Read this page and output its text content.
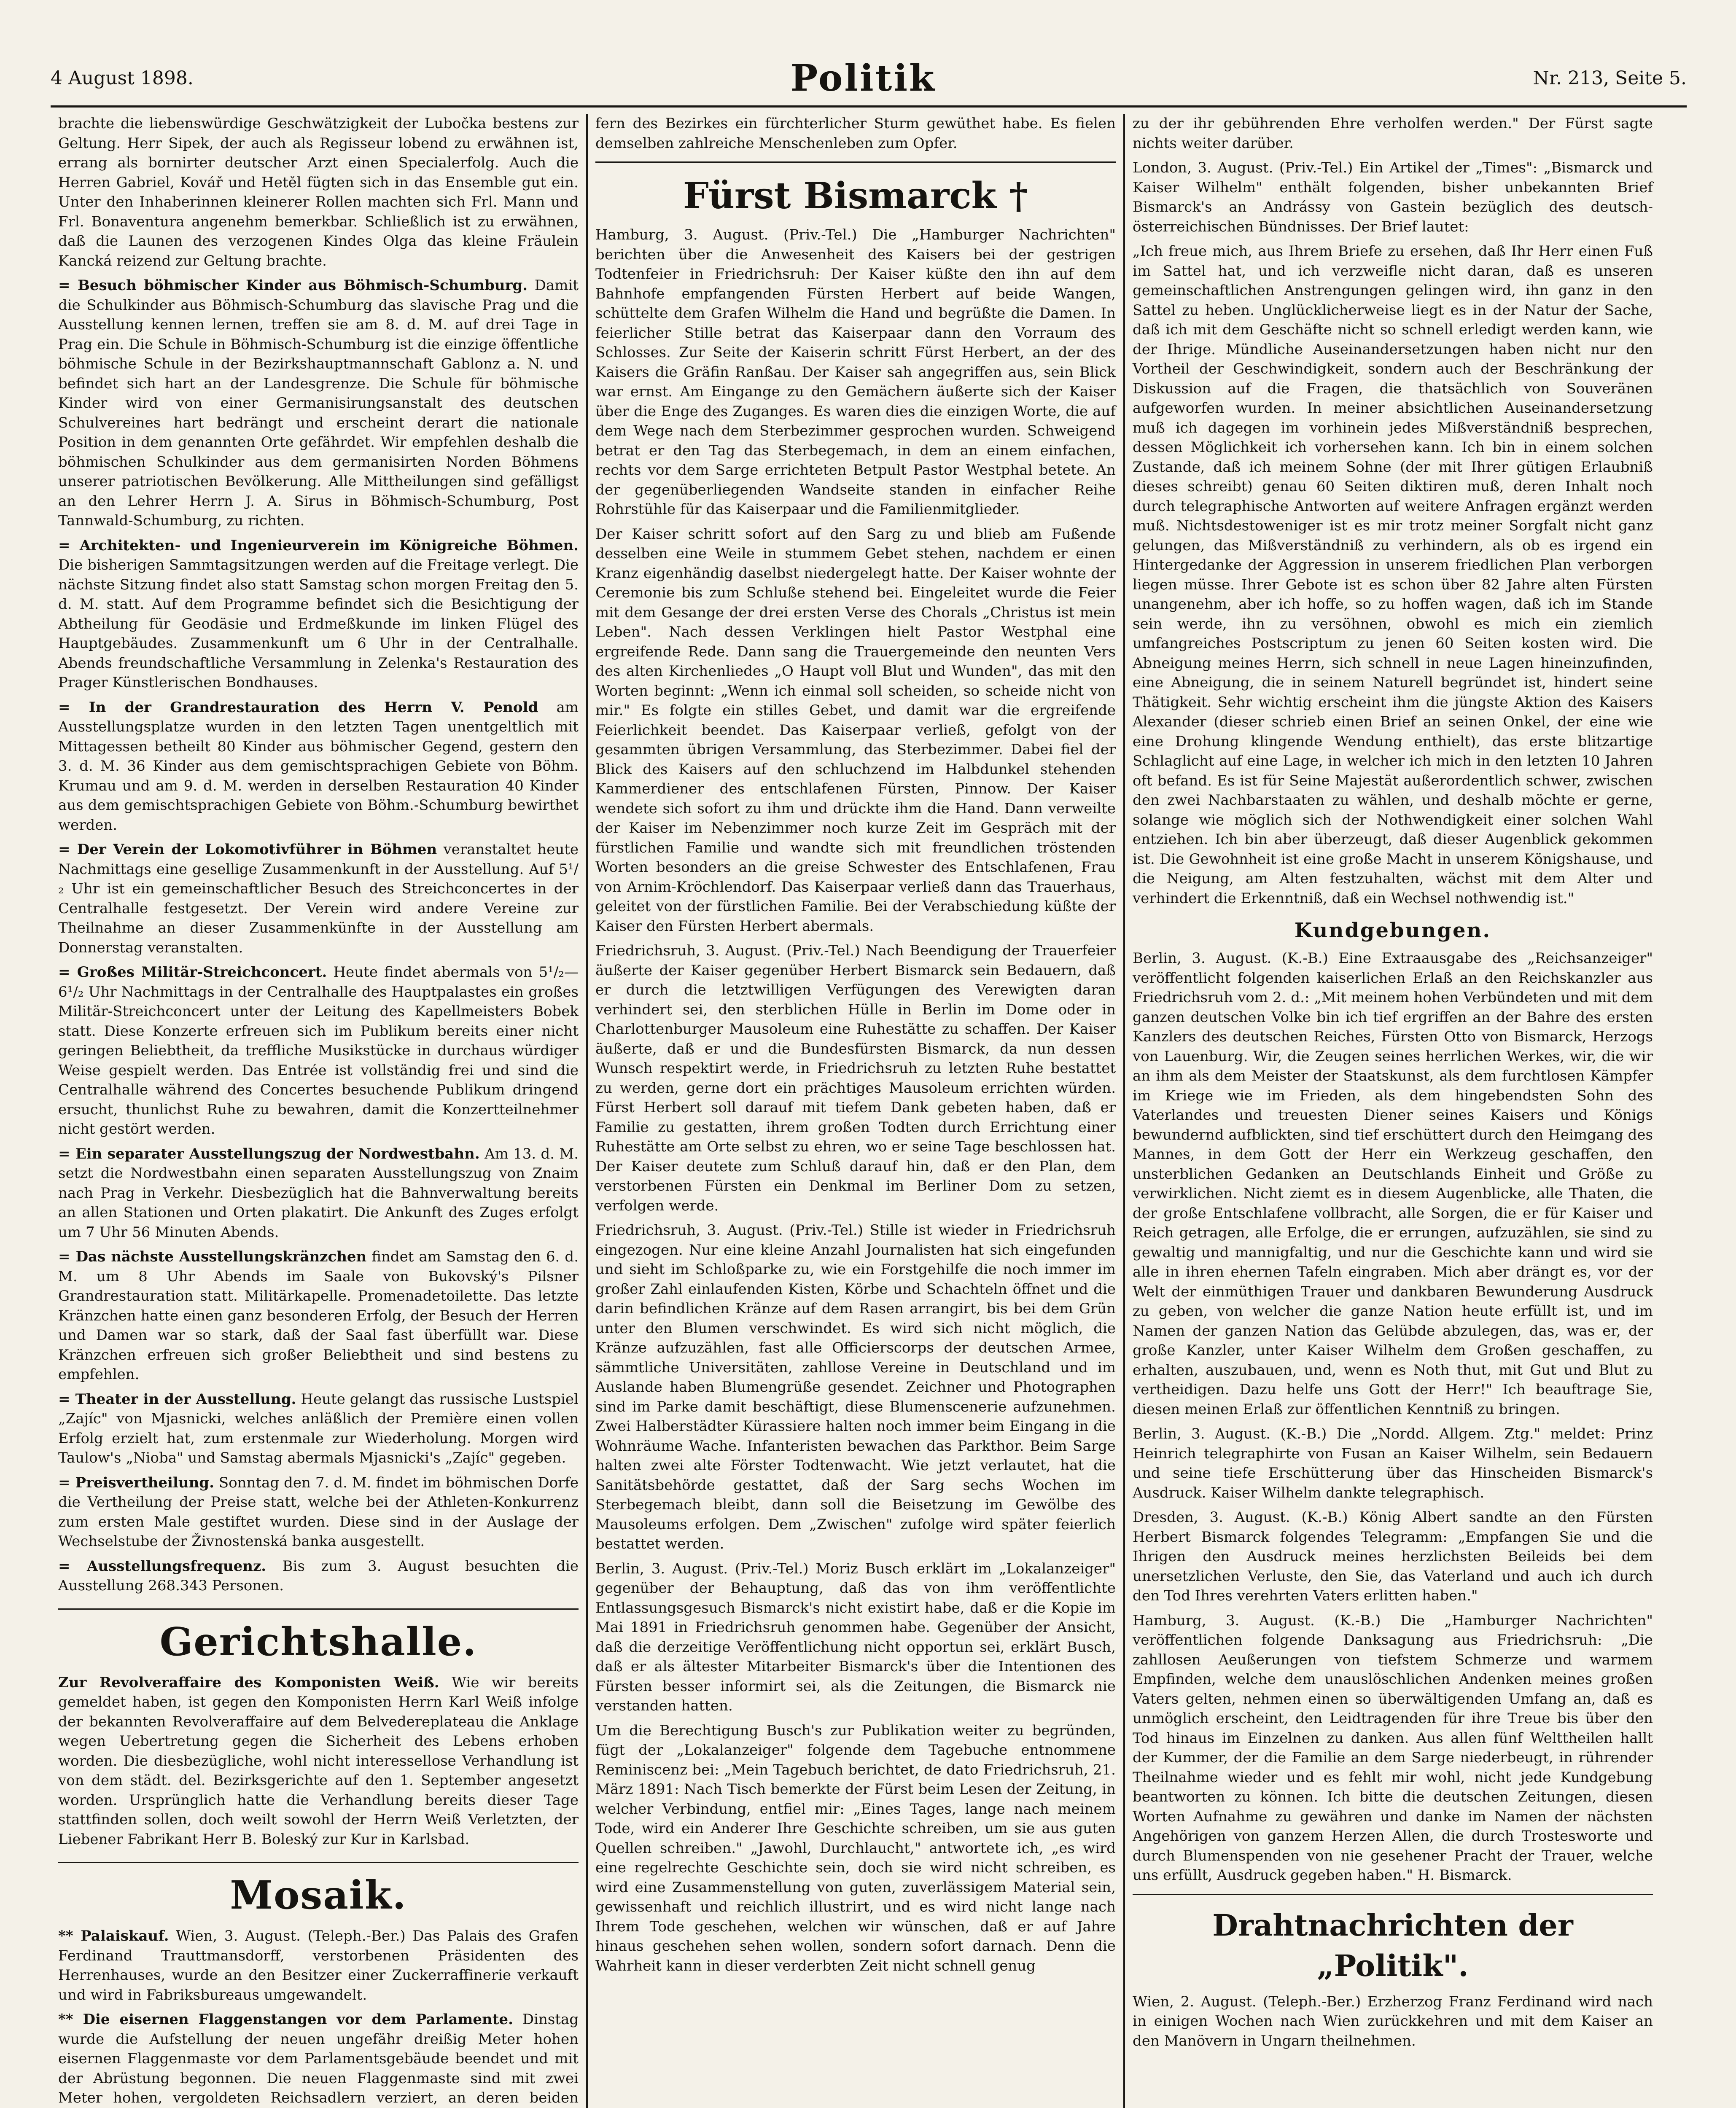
4 August 1898.	Politik	Nr. 213, Seite 5.

brachte die liebenswürdige Geschwätzigkeit der Lubočka bestens zur Geltung. Herr Sipek, der auch als Regisseur lobend zu erwähnen ist, errang als bornirter deutscher Arzt einen Specialerfolg. Auch die Herren Gabriel, Kovář und Hetěl fügten sich in das Ensemble gut ein. Unter den Inhaberinnen kleinerer Rollen machten sich Frl. Mann und Frl. Bonaventura angenehm bemerkbar. Schließlich ist zu erwähnen, daß die Launen des verzogenen Kindes Olga das kleine Fräulein Kancká reizend zur Geltung brachte.

= Besuch böhmischer Kinder aus Böhmisch-Schumburg. Damit die Schulkinder aus Böhmisch-Schumburg das slavische Prag und die Ausstellung kennen lernen, treffen sie am 8. d. M. auf drei Tage in Prag ein. Die Schule in Böhmisch-Schumburg ist die einzige öffentliche böhmische Schule in der Bezirkshauptmannschaft Gablonz a. N. und befindet sich hart an der Landesgrenze. Die Schule für böhmische Kinder wird von einer Germanisirungsanstalt des deutschen Schulvereines hart bedrängt und erscheint derart die nationale Position in dem genannten Orte gefährdet. Wir empfehlen deshalb die böhmischen Schulkinder aus dem germanisirten Norden Böhmens unserer patriotischen Bevölkerung. Alle Mittheilungen sind gefälligst an den Lehrer Herrn J. A. Sirus in Böhmisch-Schumburg, Post Tannwald-Schumburg, zu richten.

= Architekten- und Ingenieurverein im Königreiche Böhmen. Die bisherigen Sammtagsitzungen werden auf die Freitage verlegt. Die nächste Sitzung findet also statt Samstag schon morgen Freitag den 5. d. M. statt. Auf dem Programme befindet sich die Besichtigung der Abtheilung für Geodäsie und Erdmeßkunde im linken Flügel des Hauptgebäudes. Zusammenkunft um 6 Uhr in der Centralhalle. Abends freundschaftliche Versammlung in Zelenka's Restauration des Prager Künstlerischen Bondhauses.

= In der Grandrestauration des Herrn V. Penold am Ausstellungsplatze wurden in den letzten Tagen unentgeltlich mit Mittagessen betheilt 80 Kinder aus böhmischer Gegend, gestern den 3. d. M. 36 Kinder aus dem gemischtsprachigen Gebiete von Böhm. Krumau und am 9. d. M. werden in derselben Restauration 40 Kinder aus dem gemischtsprachigen Gebiete von Böhm.-Schumburg bewirthet werden.

= Der Verein der Lokomotivführer in Böhmen veranstaltet heute Nachmittags eine gesellige Zusammenkunft in der Ausstellung. Auf 5¹/₂ Uhr ist ein gemeinschaftlicher Besuch des Streichconcertes in der Centralhalle festgesetzt. Der Verein wird andere Vereine zur Theilnahme an dieser Zusammenkünfte in der Ausstellung am Donnerstag veranstalten.

= Großes Militär-Streichconcert. Heute findet abermals von 5¹/₂—6¹/₂ Uhr Nachmittags in der Centralhalle des Hauptpalastes ein großes Militär-Streichconcert unter der Leitung des Kapellmeisters Bobek statt. Diese Konzerte erfreuen sich im Publikum bereits einer nicht geringen Beliebtheit, da treffliche Musikstücke in durchaus würdiger Weise gespielt werden. Das Entrée ist vollständig frei und sind die Centralhalle während des Concertes besuchende Publikum dringend ersucht, thunlichst Ruhe zu bewahren, damit die Konzertteilnehmer nicht gestört werden.

= Ein separater Ausstellungszug der Nordwestbahn. Am 13. d. M. setzt die Nordwestbahn einen separaten Ausstellungszug von Znaim nach Prag in Verkehr. Diesbezüglich hat die Bahnverwaltung bereits an allen Stationen und Orten plakatirt. Die Ankunft des Zuges erfolgt um 7 Uhr 56 Minuten Abends.

= Das nächste Ausstellungskränzchen findet am Samstag den 6. d. M. um 8 Uhr Abends im Saale von Bukovský's Pilsner Grandrestauration statt. Militärkapelle. Promenadetoilette. Das letzte Kränzchen hatte einen ganz besonderen Erfolg, der Besuch der Herren und Damen war so stark, daß der Saal fast überfüllt war. Diese Kränzchen erfreuen sich großer Beliebtheit und sind bestens zu empfehlen.

= Theater in der Ausstellung. Heute gelangt das russische Lustspiel „Zajíc" von Mjasnicki, welches anläßlich der Première einen vollen Erfolg erzielt hat, zum erstenmale zur Wiederholung. Morgen wird Taulow's „Nioba" und Samstag abermals Mjasnicki's „Zajíc" gegeben.

= Preisvertheilung. Sonntag den 7. d. M. findet im böhmischen Dorfe die Vertheilung der Preise statt, welche bei der Athleten-Konkurrenz zum ersten Male gestiftet wurden. Diese sind in der Auslage der Wechselstube der Živnostenská banka ausgestellt.

= Ausstellungsfrequenz. Bis zum 3. August besuchten die Ausstellung 268.343 Personen.

Gerichtshalle.

Zur Revolveraffaire des Komponisten Weiß. Wie wir bereits gemeldet haben, ist gegen den Komponisten Herrn Karl Weiß infolge der bekannten Revolveraffaire auf dem Belvedereplateau die Anklage wegen Uebertretung gegen die Sicherheit des Lebens erhoben worden. Die diesbezügliche, wohl nicht interessellose Verhandlung ist von dem städt. del. Bezirksgerichte auf den 1. September angesetzt worden. Ursprünglich hatte die Verhandlung bereits dieser Tage stattfinden sollen, doch weilt sowohl der Herrn Weiß Verletzten, der Liebener Fabrikant Herr B. Boleský zur Kur in Karlsbad.

Mosaik.

** Palaiskauf. Wien, 3. August. (Teleph.-Ber.) Das Palais des Grafen Ferdinand Trauttmansdorff, verstorbenen Präsidenten des Herrenhauses, wurde an den Besitzer einer Zuckerraffinerie verkauft und wird in Fabriksbureaus umgewandelt.

** Die eisernen Flaggenstangen vor dem Parlamente. Dinstag wurde die Aufstellung der neuen ungefähr dreißig Meter hohen eisernen Flaggenmaste vor dem Parlamentsgebäude beendet und mit der Abrüstung begonnen. Die neuen Flaggenmaste sind mit zwei Meter hohen, vergoldeten Reichsadlern verziert, an deren beiden

fern des Bezirkes ein fürchterlicher Sturm gewüthet habe. Es fielen demselben zahlreiche Menschenleben zum Opfer.

Fürst Bismarck †

Hamburg, 3. August. (Priv.-Tel.) Die „Hamburger Nachrichten" berichten über die Anwesenheit des Kaisers bei der gestrigen Todtenfeier in Friedrichsruh: Der Kaiser küßte den ihn auf dem Bahnhofe empfangenden Fürsten Herbert auf beide Wangen, schüttelte dem Grafen Wilhelm die Hand und begrüßte die Damen. In feierlicher Stille betrat das Kaiserpaar dann den Vorraum des Schlosses. Zur Seite der Kaiserin schritt Fürst Herbert, an der des Kaisers die Gräfin Ranßau. Der Kaiser sah angegriffen aus, sein Blick war ernst. Am Eingange zu den Gemächern äußerte sich der Kaiser über die Enge des Zuganges. Es waren dies die einzigen Worte, die auf dem Wege nach dem Sterbezimmer gesprochen wurden. Schweigend betrat er den Tag das Sterbegemach, in dem an einem einfachen, rechts vor dem Sarge errichteten Betpult Pastor Westphal betete. An der gegenüberliegenden Wandseite standen in einfacher Reihe Rohrstühle für das Kaiserpaar und die Familienmitglieder.

Der Kaiser schritt sofort auf den Sarg zu und blieb am Fußende desselben eine Weile in stummem Gebet stehen, nachdem er einen Kranz eigenhändig daselbst niedergelegt hatte. Der Kaiser wohnte der Ceremonie bis zum Schluße stehend bei. Eingeleitet wurde die Feier mit dem Gesange der drei ersten Verse des Chorals „Christus ist mein Leben". Nach dessen Verklingen hielt Pastor Westphal eine ergreifende Rede. Dann sang die Trauergemeinde den neunten Vers des alten Kirchenliedes „O Haupt voll Blut und Wunden", das mit den Worten beginnt: „Wenn ich einmal soll scheiden, so scheide nicht von mir." Es folgte ein stilles Gebet, und damit war die ergreifende Feierlichkeit beendet. Das Kaiserpaar verließ, gefolgt von der gesammten übrigen Versammlung, das Sterbezimmer. Dabei fiel der Blick des Kaisers auf den schluchzend im Halbdunkel stehenden Kammerdiener des entschlafenen Fürsten, Pinnow. Der Kaiser wendete sich sofort zu ihm und drückte ihm die Hand. Dann verweilte der Kaiser im Nebenzimmer noch kurze Zeit im Gespräch mit der fürstlichen Familie und wandte sich mit freundlichen tröstenden Worten besonders an die greise Schwester des Entschlafenen, Frau von Arnim-Kröchlendorf. Das Kaiserpaar verließ dann das Trauerhaus, geleitet von der fürstlichen Familie. Bei der Verabschiedung küßte der Kaiser den Fürsten Herbert abermals.

Friedrichsruh, 3. August. (Priv.-Tel.) Nach Beendigung der Trauerfeier äußerte der Kaiser gegenüber Herbert Bismarck sein Bedauern, daß er durch die letztwilligen Verfügungen des Verewigten daran verhindert sei, den sterblichen Hülle in Berlin im Dome oder in Charlottenburger Mausoleum eine Ruhestätte zu schaffen. Der Kaiser äußerte, daß er und die Bundesfürsten Bismarck, da nun dessen Wunsch respektirt werde, in Friedrichsruh zu letzten Ruhe bestattet zu werden, gerne dort ein prächtiges Mausoleum errichten würden. Fürst Herbert soll darauf mit tiefem Dank gebeten haben, daß er Familie zu gestatten, ihrem großen Todten durch Errichtung einer Ruhestätte am Orte selbst zu ehren, wo er seine Tage beschlossen hat. Der Kaiser deutete zum Schluß darauf hin, daß er den Plan, dem verstorbenen Fürsten ein Denkmal im Berliner Dom zu setzen, verfolgen werde.

Friedrichsruh, 3. August. (Priv.-Tel.) Stille ist wieder in Friedrichsruh eingezogen. Nur eine kleine Anzahl Journalisten hat sich eingefunden und sieht im Schloßparke zu, wie ein Forstgehilfe die noch immer im großer Zahl einlaufenden Kisten, Körbe und Schachteln öffnet und die darin befindlichen Kränze auf dem Rasen arrangirt, bis bei dem Grün unter den Blumen verschwindet. Es wird sich nicht möglich, die Kränze aufzuzählen, fast alle Officierscorps der deutschen Armee, sämmtliche Universitäten, zahllose Vereine in Deutschland und im Auslande haben Blumengrüße gesendet. Zeichner und Photographen sind im Parke damit beschäftigt, diese Blumenscenerie aufzunehmen. Zwei Halberstädter Kürassiere halten noch immer beim Eingang in die Wohnräume Wache. Infanteristen bewachen das Parkthor. Beim Sarge halten zwei alte Förster Todtenwacht. Wie jetzt verlautet, hat die Sanitätsbehörde gestattet, daß der Sarg sechs Wochen im Sterbegemach bleibt, dann soll die Beisetzung im Gewölbe des Mausoleums erfolgen. Dem „Zwischen" zufolge wird später feierlich bestattet werden.

Berlin, 3. August. (Priv.-Tel.) Moriz Busch erklärt im „Lokalanzeiger" gegenüber der Behauptung, daß das von ihm veröffentlichte Entlassungsgesuch Bismarck's nicht existirt habe, daß er die Kopie im Mai 1891 in Friedrichsruh genommen habe. Gegenüber der Ansicht, daß die derzeitige Veröffentlichung nicht opportun sei, erklärt Busch, daß er als ältester Mitarbeiter Bismarck's über die Intentionen des Fürsten besser informirt sei, als die Zeitungen, die Bismarck nie verstanden hatten.

Um die Berechtigung Busch's zur Publikation weiter zu begründen, fügt der „Lokalanzeiger" folgende dem Tagebuche entnommene Reminiscenz bei: „Mein Tagebuch berichtet, de dato Friedrichsruh, 21. März 1891: Nach Tisch bemerkte der Fürst beim Lesen der Zeitung, in welcher Verbindung, entfiel mir: „Eines Tages, lange nach meinem Tode, wird ein Anderer Ihre Geschichte schreiben, um sie aus guten Quellen schreiben." „Jawohl, Durchlaucht," antwortete ich, „es wird eine regelrechte Geschichte sein, doch sie wird nicht schreiben, es wird eine Zusammenstellung von guten, zuverlässigem Material sein, gewissenhaft und reichlich illustrirt, und es wird nicht lange nach Ihrem Tode geschehen, welchen wir wünschen, daß er auf Jahre hinaus geschehen sehen wollen, sondern sofort darnach. Denn die Wahrheit kann in dieser verderbten Zeit nicht schnell genug

zu der ihr gebührenden Ehre verholfen werden." Der Fürst sagte nichts weiter darüber.

London, 3. August. (Priv.-Tel.) Ein Artikel der „Times": „Bismarck und Kaiser Wilhelm" enthält folgenden, bisher unbekannten Brief Bismarck's an Andrássy von Gastein bezüglich des deutsch-österreichischen Bündnisses. Der Brief lautet:

„Ich freue mich, aus Ihrem Briefe zu ersehen, daß Ihr Herr einen Fuß im Sattel hat, und ich verzweifle nicht daran, daß es unseren gemeinschaftlichen Anstrengungen gelingen wird, ihn ganz in den Sattel zu heben. Unglücklicherweise liegt es in der Natur der Sache, daß ich mit dem Geschäfte nicht so schnell erledigt werden kann, wie der Ihrige. Mündliche Auseinandersetzungen haben nicht nur den Vortheil der Geschwindigkeit, sondern auch der Beschränkung der Diskussion auf die Fragen, die thatsächlich von Souveränen aufgeworfen wurden. In meiner absichtlichen Auseinandersetzung muß ich dagegen im vorhinein jedes Mißverständniß besprechen, dessen Möglichkeit ich vorhersehen kann. Ich bin in einem solchen Zustande, daß ich meinem Sohne (der mit Ihrer gütigen Erlaubniß dieses schreibt) genau 60 Seiten diktiren muß, deren Inhalt noch durch telegraphische Antworten auf weitere Anfragen ergänzt werden muß. Nichtsdestoweniger ist es mir trotz meiner Sorgfalt nicht ganz gelungen, das Mißverständniß zu verhindern, als ob es irgend ein Hintergedanke der Aggression in unserem friedlichen Plan verborgen liegen müsse. Ihrer Gebote ist es schon über 82 Jahre alten Fürsten unangenehm, aber ich hoffe, so zu hoffen wagen, daß ich im Stande sein werde, ihn zu versöhnen, obwohl es mich ein ziemlich umfangreiches Postscriptum zu jenen 60 Seiten kosten wird. Die Abneigung meines Herrn, sich schnell in neue Lagen hineinzufinden, eine Abneigung, die in seinem Naturell begründet ist, hindert seine Thätigkeit. Sehr wichtig erscheint ihm die jüngste Aktion des Kaisers Alexander (dieser schrieb einen Brief an seinen Onkel, der eine wie eine Drohung klingende Wendung enthielt), das erste blitzartige Schlaglicht auf eine Lage, in welcher ich mich in den letzten 10 Jahren oft befand. Es ist für Seine Majestät außerordentlich schwer, zwischen den zwei Nachbarstaaten zu wählen, und deshalb möchte er gerne, solange wie möglich sich der Nothwendigkeit einer solchen Wahl entziehen. Ich bin aber überzeugt, daß dieser Augenblick gekommen ist. Die Gewohnheit ist eine große Macht in unserem Königshause, und die Neigung, am Alten festzuhalten, wächst mit dem Alter und verhindert die Erkenntniß, daß ein Wechsel nothwendig ist."

Kundgebungen.

Berlin, 3. August. (K.-B.) Eine Extraausgabe des „Reichsanzeiger" veröffentlicht folgenden kaiserlichen Erlaß an den Reichskanzler aus Friedrichsruh vom 2. d.: „Mit meinem hohen Verbündeten und mit dem ganzen deutschen Volke bin ich tief ergriffen an der Bahre des ersten Kanzlers des deutschen Reiches, Fürsten Otto von Bismarck, Herzogs von Lauenburg. Wir, die Zeugen seines herrlichen Werkes, wir, die wir an ihm als dem Meister der Staatskunst, als dem furchtlosen Kämpfer im Kriege wie im Frieden, als dem hingebendsten Sohn des Vaterlandes und treuesten Diener seines Kaisers und Königs bewundernd aufblickten, sind tief erschüttert durch den Heimgang des Mannes, in dem Gott der Herr ein Werkzeug geschaffen, den unsterblichen Gedanken an Deutschlands Einheit und Größe zu verwirklichen. Nicht ziemt es in diesem Augenblicke, alle Thaten, die der große Entschlafene vollbracht, alle Sorgen, die er für Kaiser und Reich getragen, alle Erfolge, die er errungen, aufzuzählen, sie sind zu gewaltig und mannigfaltig, und nur die Geschichte kann und wird sie alle in ihren ehernen Tafeln eingraben. Mich aber drängt es, vor der Welt der einmüthigen Trauer und dankbaren Bewunderung Ausdruck zu geben, von welcher die ganze Nation heute erfüllt ist, und im Namen der ganzen Nation das Gelübde abzulegen, das, was er, der große Kanzler, unter Kaiser Wilhelm dem Großen geschaffen, zu erhalten, auszubauen, und, wenn es Noth thut, mit Gut und Blut zu vertheidigen. Dazu helfe uns Gott der Herr!" Ich beauftrage Sie, diesen meinen Erlaß zur öffentlichen Kenntniß zu bringen.

Berlin, 3. August. (K.-B.) Die „Nordd. Allgem. Ztg." meldet: Prinz Heinrich telegraphirte von Fusan an Kaiser Wilhelm, sein Bedauern und seine tiefe Erschütterung über das Hinscheiden Bismarck's Ausdruck. Kaiser Wilhelm dankte telegraphisch.

Dresden, 3. August. (K.-B.) König Albert sandte an den Fürsten Herbert Bismarck folgendes Telegramm: „Empfangen Sie und die Ihrigen den Ausdruck meines herzlichsten Beileids bei dem unersetzlichen Verluste, den Sie, das Vaterland und auch ich durch den Tod Ihres verehrten Vaters erlitten haben."

Hamburg, 3. August. (K.-B.) Die „Hamburger Nachrichten" veröffentlichen folgende Danksagung aus Friedrichsruh: „Die zahllosen Aeußerungen von tiefstem Schmerze und warmem Empfinden, welche dem unauslöschlichen Andenken meines großen Vaters gelten, nehmen einen so überwältigenden Umfang an, daß es unmöglich erscheint, den Leidtragenden für ihre Treue bis über den Tod hinaus im Einzelnen zu danken. Aus allen fünf Welttheilen hallt der Kummer, der die Familie an dem Sarge niederbeugt, in rührender Theilnahme wieder und es fehlt mir wohl, nicht jede Kundgebung beantworten zu können. Ich bitte die deutschen Zeitungen, diesen Worten Aufnahme zu gewähren und danke im Namen der nächsten Angehörigen von ganzem Herzen Allen, die durch Trostesworte und durch Blumenspenden von nie gesehener Pracht der Trauer, welche uns erfüllt, Ausdruck gegeben haben." H. Bismarck.

Drahtnachrichten der „Politik".

Wien, 2. August. (Teleph.-Ber.) Erzherzog Franz Ferdinand wird nach in einigen Wochen nach Wien zurückkehren und mit dem Kaiser an den Manövern in Ungarn theilnehmen.
